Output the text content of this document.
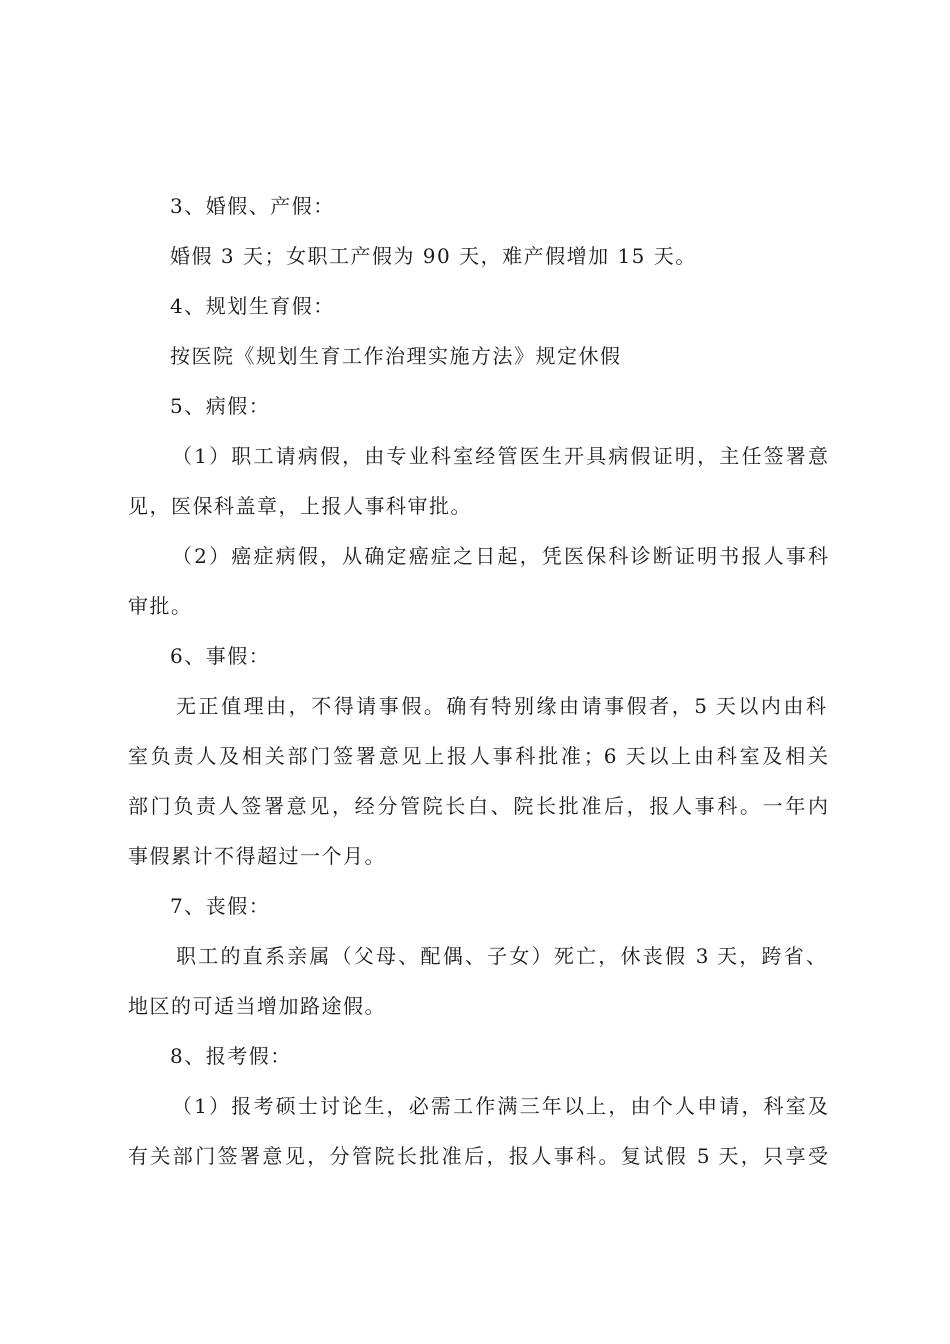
3、婚假、产假：
婚假 3 天；女职工产假为 90 天，难产假增加 15 天。
4、规划生育假：
按医院《规划生育工作治理实施方法》规定休假
5、病假：
（1）职工请病假，由专业科室经管医生开具病假证明，主任签署意
见，医保科盖章，上报人事科审批。
（2）癌症病假，从确定癌症之日起，凭医保科诊断证明书报人事科
审批。
6、事假：
无正值理由，不得请事假。确有特别缘由请事假者，5 天以内由科
室负责人及相关部门签署意见上报人事科批准；6 天以上由科室及相关
部门负责人签署意见，经分管院长白、院长批准后，报人事科。一年内
事假累计不得超过一个月。
7、丧假：
职工的直系亲属（父母、配偶、子女）死亡，休丧假 3 天，跨省、
地区的可适当增加路途假。
8、报考假：
（1）报考硕士讨论生，必需工作满三年以上，由个人申请，科室及
有关部门签署意见，分管院长批准后，报人事科。复试假 5 天，只享受
